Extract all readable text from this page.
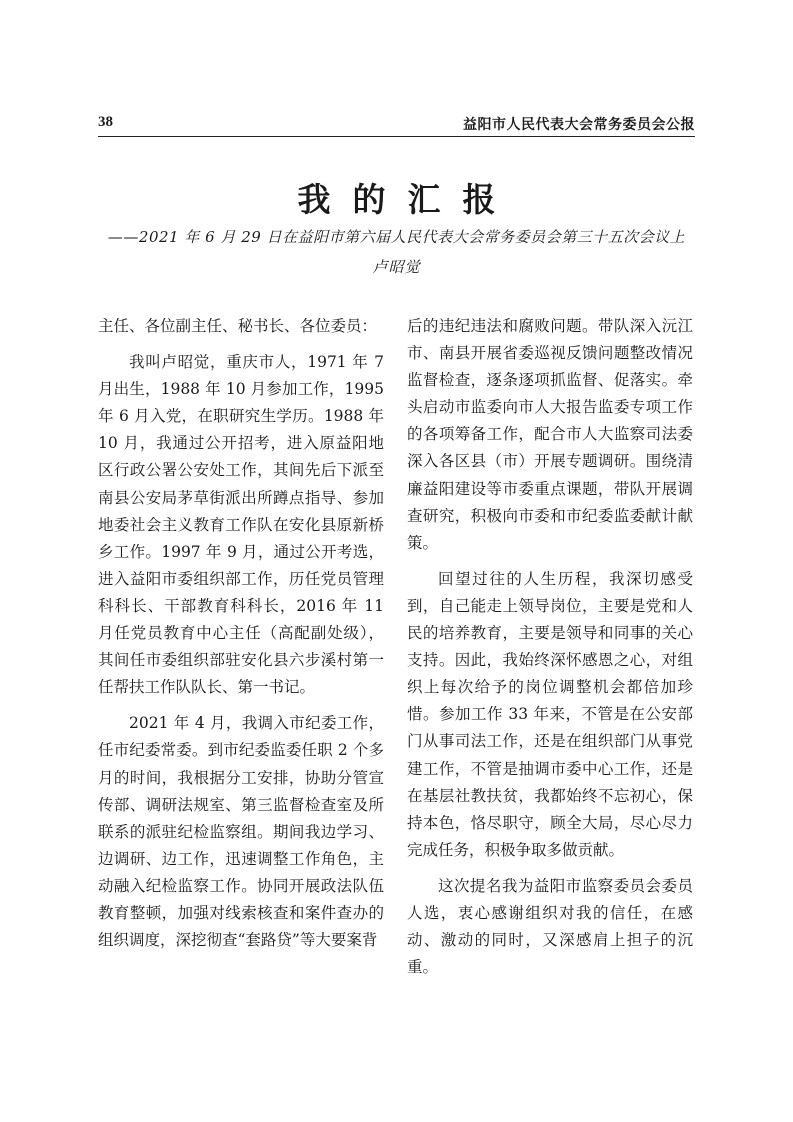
38	益阳市人民代表大会常务委员会公报
我的汇报
——2021 年 6 月 29 日在益阳市第六届人民代表大会常务委员会第三十五次会议上
卢昭觉

主任、各位副主任、秘书长、各位委员：

我叫卢昭觉，重庆市人，1971 年 7 月出生，1988 年 10 月参加工作，1995 年 6 月入党，在职研究生学历。1988 年 10 月，我通过公开招考，进入原益阳地区行政公署公安处工作，其间先后下派至南县公安局茅草街派出所蹲点指导、参加地委社会主义教育工作队在安化县原新桥乡工作。1997 年 9 月，通过公开考选，进入益阳市委组织部工作，历任党员管理科科长、干部教育科科长，2016 年 11 月任党员教育中心主任（高配副处级），其间任市委组织部驻安化县六步溪村第一任帮扶工作队队长、第一书记。

2021 年 4 月，我调入市纪委工作，任市纪委常委。到市纪委监委任职 2 个多月的时间，我根据分工安排，协助分管宣传部、调研法规室、第三监督检查室及所联系的派驻纪检监察组。期间我边学习、边调研、边工作，迅速调整工作角色，主动融入纪检监察工作。协同开展政法队伍教育整顿，加强对线索核查和案件查办的组织调度，深挖彻查“套路贷”等大要案背

后的违纪违法和腐败问题。带队深入沅江市、南县开展省委巡视反馈问题整改情况监督检查，逐条逐项抓监督、促落实。牵头启动市监委向市人大报告监委专项工作的各项筹备工作，配合市人大监察司法委深入各区县（市）开展专题调研。围绕清廉益阳建设等市委重点课题，带队开展调查研究，积极向市委和市纪委监委献计献策。

回望过往的人生历程，我深切感受到，自己能走上领导岗位，主要是党和人民的培养教育，主要是领导和同事的关心支持。因此，我始终深怀感恩之心，对组织上每次给予的岗位调整机会都倍加珍惜。参加工作 33 年来，不管是在公安部门从事司法工作，还是在组织部门从事党建工作，不管是抽调市委中心工作，还是在基层社教扶贫，我都始终不忘初心，保持本色，恪尽职守，顾全大局，尽心尽力完成任务，积极争取多做贡献。

这次提名我为益阳市监察委员会委员人选，衷心感谢组织对我的信任，在感动、激动的同时，又深感肩上担子的沉重。
